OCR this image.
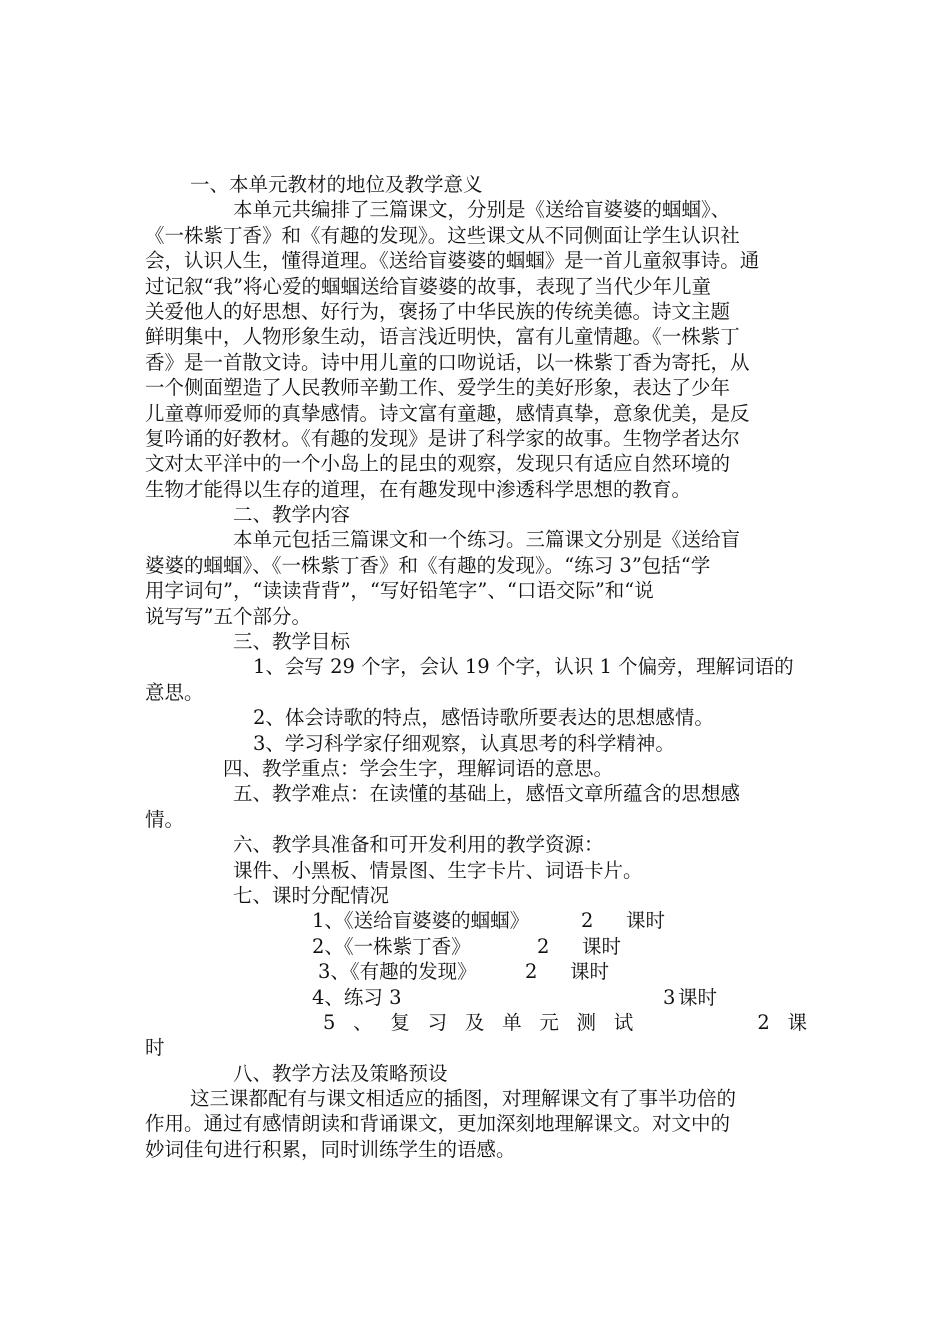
一、本单元教材的地位及教学意义
本单元共编排了三篇课文，分别是《送给盲婆婆的蝈蝈》、
《一株紫丁香》和《有趣的发现》。这些课文从不同侧面让学生认识社
会，认识人生，懂得道理。《送给盲婆婆的蝈蝈》是一首儿童叙事诗。通
过记叙“我”将心爱的蝈蝈送给盲婆婆的故事，表现了当代少年儿童
关爱他人的好思想、好行为，褒扬了中华民族的传统美德。诗文主题
鲜明集中，人物形象生动，语言浅近明快，富有儿童情趣。《一株紫丁
香》是一首散文诗。诗中用儿童的口吻说话，以一株紫丁香为寄托，从
一个侧面塑造了人民教师辛勤工作、爱学生的美好形象，表达了少年
儿童尊师爱师的真挚感情。诗文富有童趣，感情真挚，意象优美，是反
复吟诵的好教材。《有趣的发现》是讲了科学家的故事。生物学者达尔
文对太平洋中的一个小岛上的昆虫的观察，发现只有适应自然环境的
生物才能得以生存的道理，在有趣发现中渗透科学思想的教育。
二、教学内容
本单元包括三篇课文和一个练习。三篇课文分别是《送给盲
婆婆的蝈蝈》、《一株紫丁香》和《有趣的发现》。“练习 3”包括“学
用字词句”，“读读背背”，“写好铅笔字”、“口语交际”和“说
说写写”五个部分。
三、教学目标
1、会写 29 个字，会认 19 个字，认识 1 个偏旁，理解词语的
意思。
2、体会诗歌的特点，感悟诗歌所要表达的思想感情。
3、学习科学家仔细观察，认真思考的科学精神。
四、教学重点：学会生字，理解词语的意思。
五、教学难点：在读懂的基础上，感悟文章所蕴含的思想感
情。
六、教学具准备和可开发利用的教学资源：
课件、小黑板、情景图、生字卡片、词语卡片。
七、课时分配情况
1、《送给盲婆婆的蝈蝈》	2 课时
2、《一株紫丁香》	2 课时
3、《有趣的发现》 2 课时
4、练习 3	3 课时
5 、 复 习 及 单 元 测 试	2 课
时
八、教学方法及策略预设
这三课都配有与课文相适应的插图，对理解课文有了事半功倍的
作用。通过有感情朗读和背诵课文，更加深刻地理解课文。对文中的
妙词佳句进行积累，同时训练学生的语感。
